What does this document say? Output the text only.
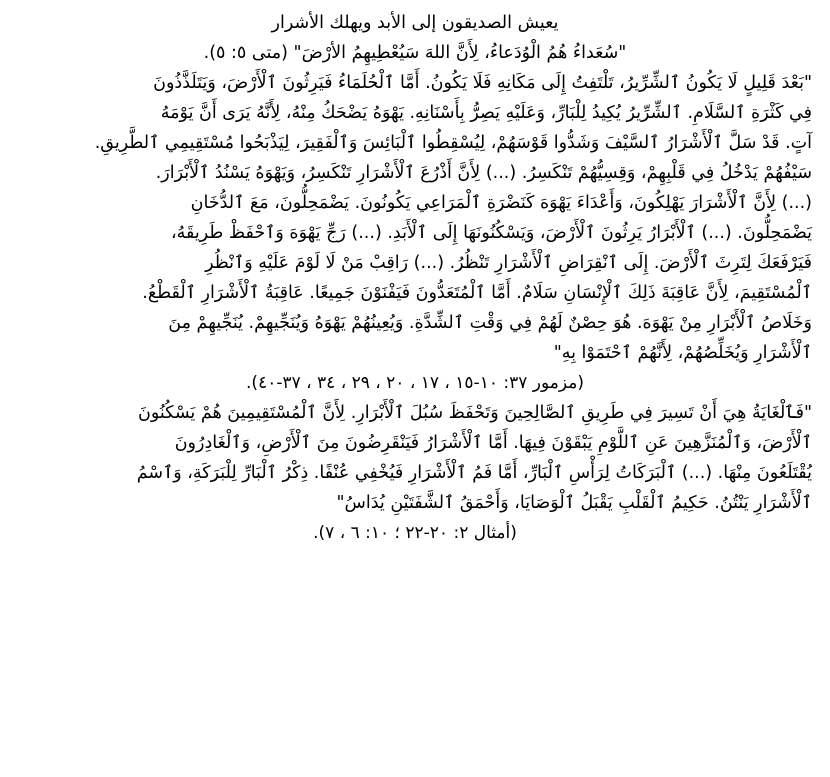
يعيش الصديقون إلى الأبد ويهلك الأشرار
"سُعَداءُ هُمُ الْوُدَعاءُ، لِأَنَّ اللهَ سَيُعْطِيهِمُ الأرْضَ" (متى ٥: ٥).
"بَعْدَ قَلِيلٍ لَا يَكُونُ ٱلشِّرِّيرُ، تَلْتَفِتُ إِلَى مَكَانِهِ فَلَا يَكُونُ. أَمَّا ٱلْحُلَمَاءُ فَيَرِثُونَ ٱلْأَرْضَ، وَيَتَلَذَّذُونَ
فِي كَثْرَةِ ٱلسَّلَامِ. ٱلشِّرِّيرُ يُكِيدُ لِلْبَارِّ، وَعَلَيْهِ يَصِرُّ بِأَسْنَانِهِ. يَهْوَهُ يَضْحَكُ مِنْهُ، لِأَنَّهُ يَرَى أَنَّ يَوْمَهُ
آتٍ. قَدْ سَلَّ ٱلْأَشْرَارُ ٱلسَّيْفَ وَشَدُّوا قَوْسَهُمْ، لِيُسْقِطُوا ٱلْبَائِسَ وَٱلْفَقِيرَ، لِيَذْبَحُوا مُسْتَقِيمِي ٱلطَّرِيقِ.
سَيْفُهُمْ يَدْخُلُ فِي قَلْبِهِمْ، وَقِسِيُّهُمْ تَنْكَسِرُ. (...) لِأَنَّ أَذْرُعَ ٱلْأَشْرَارِ تَنْكَسِرُ، وَيَهْوَهُ يَسْنُدُ ٱلْأَبْرَارَ.
(...) لِأَنَّ ٱلْأَشْرَارَ يَهْلِكُونَ، وَأَعْدَاءَ يَهْوَهَ كَنَضْرَةِ ٱلْمَرَاعِي يَكُونُونَ. يَضْمَحِلُّونَ، مَعَ ٱلدُّخَانِ
يَضْمَحِلُّونَ. (...) ٱلْأَبْرَارُ يَرِثُونَ ٱلْأَرْضَ، وَيَسْكُنُونَهَا إِلَى ٱلْأَبَدِ. (...) رَجِّ يَهْوَهَ وَٱحْفَظْ طَرِيقَهُ،
فَيَرْفَعَكَ لِتَرِثَ ٱلْأَرْضَ. إِلَى ٱنْقِرَاضِ ٱلْأَشْرَارِ تَنْظُرُ. (...) رَاقِبْ مَنْ لَا لَوْمَ عَلَيْهِ وَٱنْظُرِ
ٱلْمُسْتَقِيمَ، لِأَنَّ عَاقِبَةَ ذَلِكَ ٱلْإِنْسَانِ سَلَامٌ. أَمَّا ٱلْمُتَعَدُّونَ فَيَفْنَوْنَ جَمِيعًا. عَاقِبَةُ ٱلْأَشْرَارِ ٱلْقَطْعُ.
وَخَلَاصُ ٱلْأَبْرَارِ مِنْ يَهْوَهَ. هُوَ حِصْنٌ لَهُمْ فِي وَقْتِ ٱلشِّدَّةِ. وَيُعِينُهُمْ يَهْوَهُ وَيُنَجِّيهِمْ. يُنَجِّيهِمْ مِنَ
ٱلْأَشْرَارِ وَيُخَلِّصُهُمْ، لِأَنَّهُمْ ٱحْتَمَوْا بِهِ"
(مزمور ٣٧: ١٠-١٥ ، ١٧ ، ٢٠ ، ٢٩ ، ٣٤ ، ٣٧-٤٠).
"فَٱلْغَايَةُ هِيَ أَنْ تَسِيرَ فِي طَرِيقِ ٱلصَّالِحِينَ وَتَحْفَظَ سُبُلَ ٱلْأَبْرَارِ. لِأَنَّ ٱلْمُسْتَقِيمِينَ هُمْ يَسْكُنُونَ
ٱلْأَرْضَ، وَٱلْمُنَزَّهِينَ عَنِ ٱللَّوْمِ يَبْقَوْنَ فِيهَا. أَمَّا ٱلْأَشْرَارُ فَيَنْقَرِضُونَ مِنَ ٱلْأَرْضِ، وَٱلْغَادِرُونَ
يُقْتَلَعُونَ مِنْهَا. (...) ٱلْبَرَكَاتُ لِرَأْسِ ٱلْبَارِّ، أَمَّا فَمُ ٱلْأَشْرَارِ فَيُخْفِي عُنْفًا. ذِكْرُ ٱلْبَارِّ لِلْبَرَكَةِ، وَٱسْمُ
ٱلْأَشْرَارِ يَنْتُنُ. حَكِيمُ ٱلْقَلْبِ يَقْبَلُ ٱلْوَصَايَا، وَأَحْمَقُ ٱلشَّفَتَيْنِ يُدَاسُ"
(أمثال ٢: ٢٠-٢٢ ؛ ١٠: ٦ ، ٧).
